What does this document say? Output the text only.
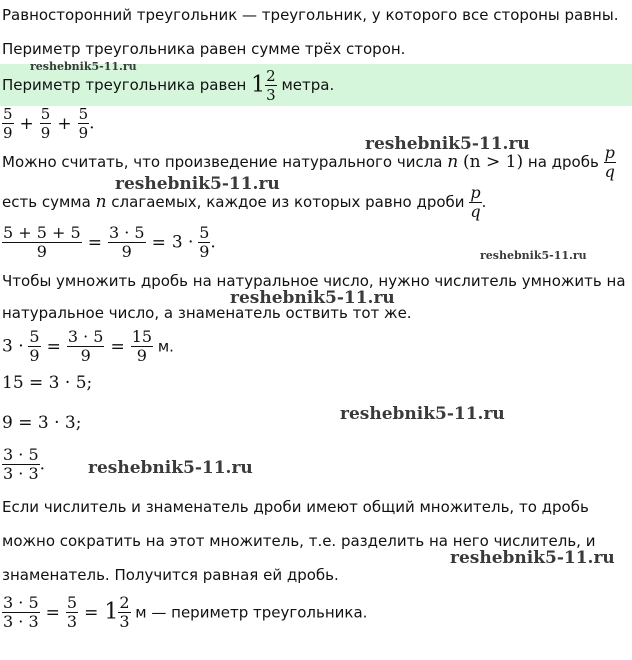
Равносторонний треугольник — треугольник, у которого все стороны равны.
Периметр треугольника равен сумме трёх сторон.
Периметр треугольника равен $1 \frac{2}{3}$ метра.
$\frac{5}{9} + \frac{5}{9} + \frac{5}{9}$ .
Можно считать, что произведение натурального числа n (n > 1) на дробь $\frac{p}{q}$
есть сумма n слагаемых, каждое из которых равно дроби $\frac{p}{q}$ .
$\frac{5 + 5 + 5}{9} = \frac{3 \cdot 5}{9} = 3 \cdot \frac{5}{9}$ .
Чтобы умножить дробь на натуральное число, нужно числитель умножить на
натуральное число, а знаменатель оствить тот же.
$3 \cdot \frac{5}{9} = \frac{3 \cdot 5}{9} = \frac{15}{9} м$.
15 = 3 · 5;
9 = 3 · 3;
$\frac{3 \cdot 5}{3 \cdot 3}$ .
Если числитель и знаменатель дроби имеют общий множитель, то дробь
можно сократить на этот множитель, т.е. разделить на него числитель, и
знаменатель. Получится равная ей дробь.
$\frac{3 \cdot 5}{3 \cdot 3} = \frac{5}{3} = 1 \frac{2}{3}$ м — периметр треугольника.
reshebnik5-11.ru
reshebnik5-11.ru
reshebnik5-11.ru
reshebnik5-11.ru
reshebnik5-11.ru
reshebnik5-11.ru
reshebnik5-11.ru
reshebnik5-11.ru
